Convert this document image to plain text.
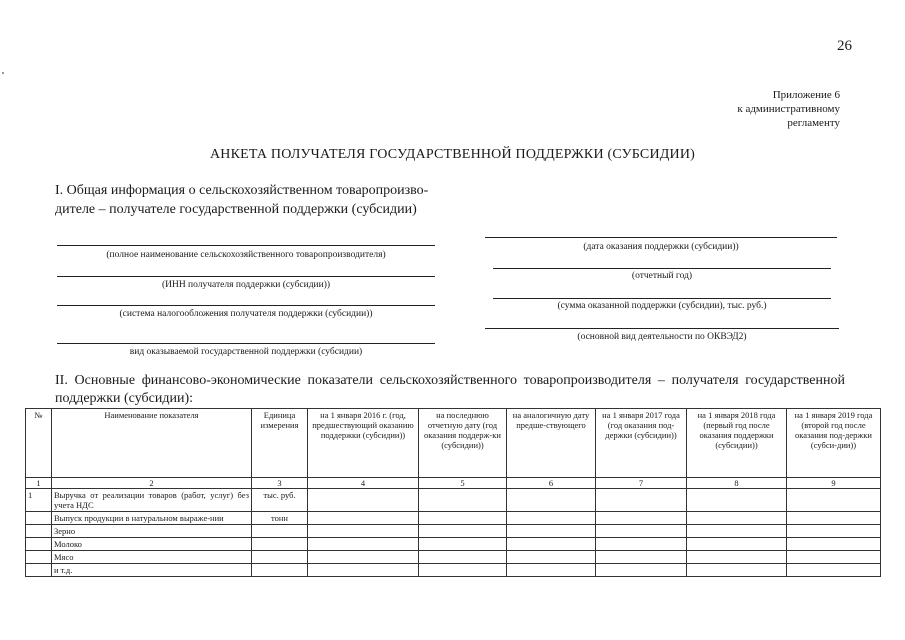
26
Приложение 6
к административному
регламенту
АНКЕТА ПОЛУЧАТЕЛЯ ГОСУДАРСТВЕННОЙ ПОДДЕРЖКИ (СУБСИДИИ)
I. Общая информация о сельскохозяйственном товаропроизво-дителе – получателе государственной поддержки (субсидии)
(полное наименование сельскохозяйственного товаропроизводителя)
(ИНН получателя поддержки (субсидии))
(система налогообложения получателя поддержки (субсидии))
вид оказываемой государственной поддержки (субсидии)
(дата оказания поддержки (субсидии))
(отчетный год)
(сумма оказанной поддержки (субсидии), тыс. руб.)
(основной вид деятельности по ОКВЭД2)
II. Основные финансово-экономические показатели сельскохозяйственного товаропроизводителя – получателя государственной поддержки (субсидии):
№	Наименование показателя	Единица измерения	на 1 января 2016 г. (год, предшествующий оказанию поддержки (субсидии))	на последнюю отчетную дату (год оказания поддерж-ки (субсидии))	на аналогичную дату предше-ствующего	на 1 января 2017 года (год оказания под-держки (субсидии))	на 1 января 2018 года (первый год после оказания поддержки (субсидии))	на 1 января 2019 года (второй год после оказания под-держки (субси-дии))
1	2	3	4	5	6	7	8	9
1	Выручка от реализации товаров (работ, услуг) без учета НДС	тыс. руб.						
	Выпуск продукции в натуральном выраже-нии	тонн						
	Зерно							
	Молоко							
	Мясо							
	и т.д.							
